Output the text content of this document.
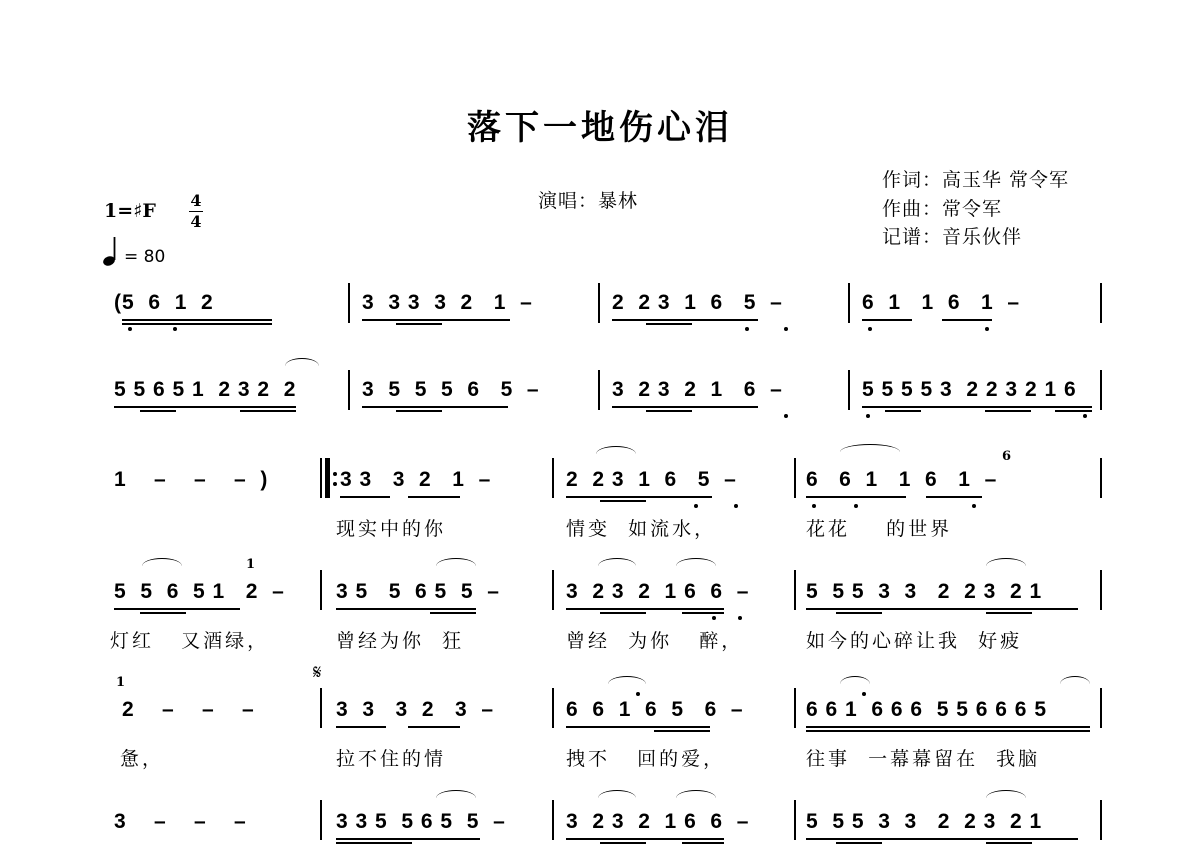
落下一地伤心泪
演唱：暴林
作词：高玉华 常令军
作曲：常令军
记谱：音乐伙伴
1=♯F 4
4
= 80
(5  6  1  2	3  3 3  3  2   1  –	2  2 3  1  6   5  –	6  1   1  6   1  –
5 5 6 5 1  2 3 2  2	3  5  5  5  6   5  –	3  2 3  2  1   6  –	5 5 5 5 3  2 2 3 2 1 6
1    –    –    –  )	3 3   3  2   1  –	2  2 3  1  6   5  –	6   6  1   1  6   1  –
6
现实中的你	情变  如流水，	花花    的世界
5  5  6  5 1   2  –
1
3 5   5  6 5  5  –	3  2 3  2  1 6  6  –	5  5 5  3  3   2  2 3  2 1
灯红   又酒绿，	曾经为你  狂	曾经  为你   醉，	如今的心碎让我  好疲
1
2    –    –    –
𝄋
3  3   3  2   3  –	6  6  1  6  5   6  –	6 6 1  6 6 6  5 5 6 6 6 5
惫，	拉不住的情	拽不   回的爱，	往事  一幕幕留在  我脑
3    –    –    –	3 3 5  5 6 5  5  –	3  2 3  2  1 6  6  –	5  5 5  3  3   2  2 3  2 1
